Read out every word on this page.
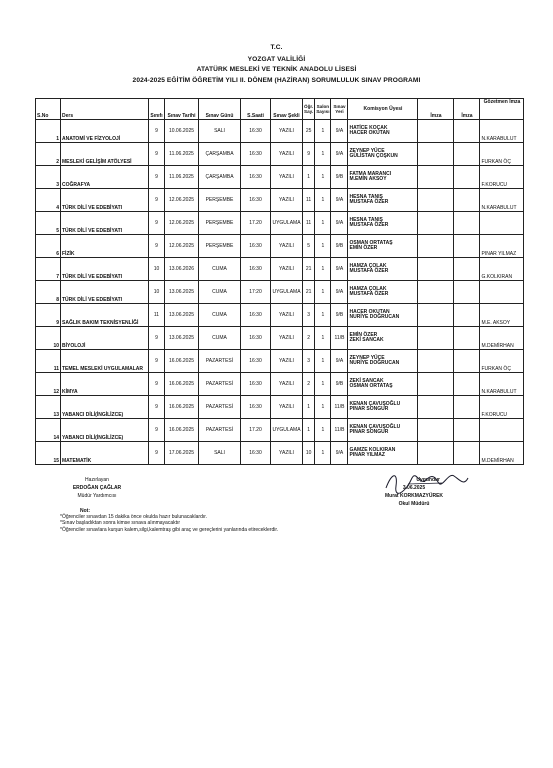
T.C.
YOZGAT VALİLİĞİ
ATATÜRK MESLEKİ VE TEKNİK ANADOLU LİSESİ
2024-2025 EĞİTİM ÖĞRETİM YILI II. DÖNEM (HAZİRAN) SORUMLULUK SINAV PROGRAMI
S.No	Ders	Sınıfı	Sınav Tarihi	Sınav Günü	S.Saati	Sınav Şekli	Öğr. Say.	Salon Sayısı	Sınav Yeri	Komisyon Üyesi	İmza	İmza	Gözetmen İmza
1	ANATOMİ VE FİZYOLOJİ	9	10.06.2025	SALI	16:30	YAZILI	25	1	9/A	HATİCE KOÇAK
HACER OKUTAN			N.KARABULUT
2	MESLEKİ GELİŞİM ATÖLYESİ	9	11.06.2025	ÇARŞAMBA	16:30	YAZILI	9	1	9/A	ZEYNEP YÜCE
GÜLİSTAN ÇOŞKUN			FURKAN ÖÇ
3	COĞRAFYA	9	11.06.2025	ÇARŞAMBA	16:30	YAZILI	1	1	9/B	FATMA MARANCI
M.EMİN AKSOY			F.KORUCU
4	TÜRK DİLİ VE EDEBİYATI	9	12.06.2025	PERŞEMBE	16:30	YAZILI	11	1	9/A	HESNA TANIŞ
MUSTAFA ÖZER			N.KARABULUT
5	TÜRK DİLİ VE EDEBİYATI	9	12.06.2025	PERŞEMBE	17.20	UYGULAMA	11	1	9/A	HESNA TANIŞ
MUSTAFA ÖZER			

6	FİZİK	9	12.06.2025	PERŞEMBE	16:30	YAZILI	5	1	9/B	OSMAN ORTATAŞ
EMİN ÖZER			PINAR YILMAZ
7	TÜRK DİLİ VE EDEBİYATI	10	13.06.2026	CUMA	16:30	YAZILI	21	1	9/A	HAMZA ÇOLAK
MUSTAFA ÖZER			G.KOLKIRAN
8	TÜRK DİLİ VE EDEBİYATI	10	13.06.2025	CUMA	17:20	UYGULAMA	21	1	9/A	HAMZA ÇOLAK
MUSTAFA ÖZER			

9	SAĞLIK BAKIM TEKNİSYENLİĞİ	11	13.06.2025	CUMA	16:30	YAZILI	3	1	9/B	HACER OKUTAN
NURİYE DOĞRUCAN			M.E. AKSOY
10	BİYOLOJİ	9	13.06.2025	CUMA	16:30	YAZILI	2	1	11/B	EMİN ÖZER
ZEKİ SANCAK			M.DEMİRHAN
11	TEMEL MESLEKİ UYGULAMALAR	9	16.06.2025	PAZARTESİ	16:30	YAZILI	3	1	9/A	ZEYNEP YÜCE
NURİYE DOĞRUCAN			FURKAN ÖÇ
12	KİMYA	9	16.06.2025	PAZARTESİ	16:30	YAZILI	2	1	9/B	ZEKİ SANCAK
OSMAN ORTATAŞ			N.KARABULUT
13	YABANCI DİLİ(İNGİLİZCE)	9	16.06.2025	PAZARTESİ	16:30	YAZILI	1	1	11/B	KENAN ÇAVUŞOĞLU
PINAR SONGUR			F.KORUCU
14	YABANCI DİLİ(İNGİLİZCE)	9	16.06.2025	PAZARTESİ	17.20	UYGULAMA	1	1	11/B	KENAN ÇAVUŞOĞLU
PINAR SONGUR			

15	MATEMATİK	9	17.06.2025	SALI	16:30	YAZILI	10	1	9/A	GAMZE KOLKIRAN
PINAR YILMAZ			M.DEMİRHAN
Hazırlayan
ERDOĞAN ÇAĞLAR
Müdür Yardımcısı
Uygundur
3.06.2025
Murat KORKMAZYÜREK
Okul Müdürü
Not:
*Öğrenciler sınavdan 15 dakika önce okulda hazır bulunacaklardır.
*Sınav başladıktan sonra kimse sınava alınmayacaktır
*Öğrenciler sınavlara kurşun kalem,silgi,kalemtraş gibi araç ve gereçlerini yanlarında etireceklerdir.
